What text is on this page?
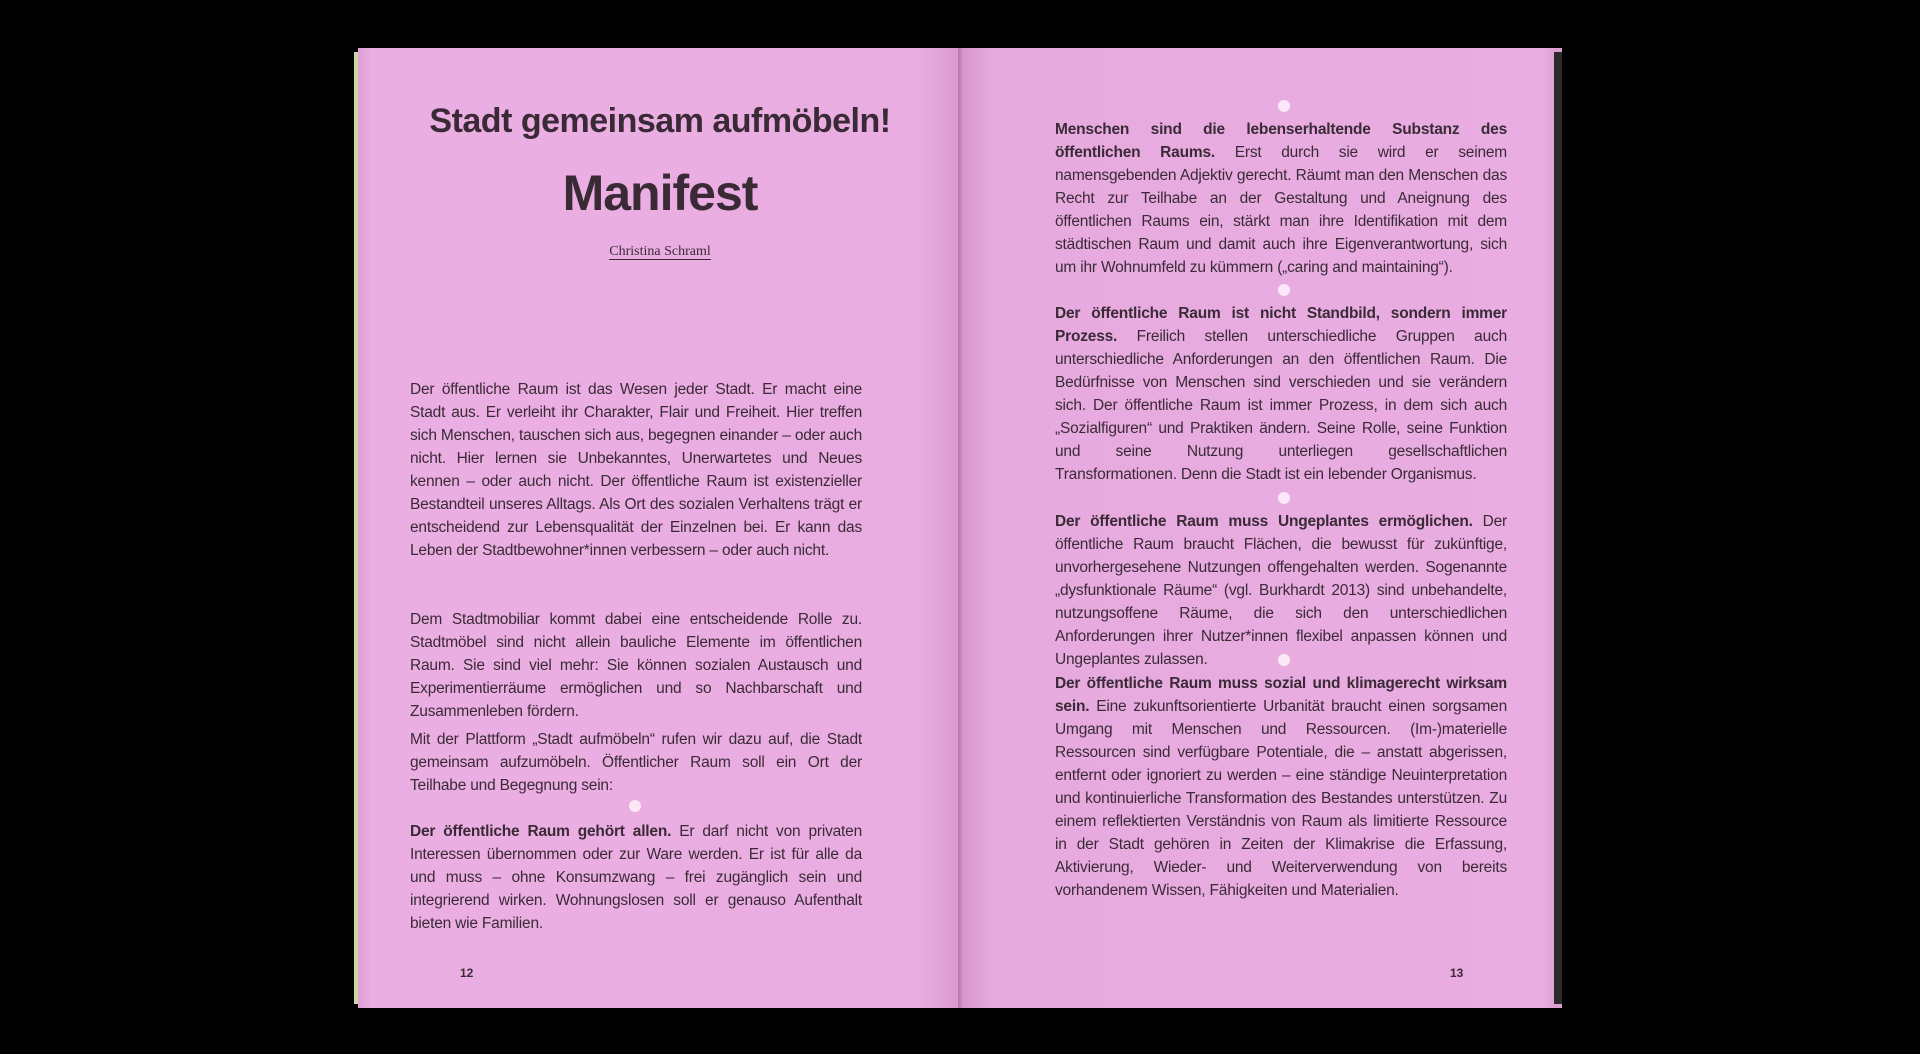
Stadt gemeinsam aufmöbeln!
Manifest
Christina Schraml

Der öffentliche Raum ist das Wesen jeder Stadt. Er macht eine Stadt aus. Er verleiht ihr Charakter, Flair und Freiheit. Hier treffen sich Menschen, tauschen sich aus, begegnen einander – oder auch nicht. Hier lernen sie Unbekanntes, Unerwartetes und Neues kennen – oder auch nicht. Der öffentliche Raum ist existenzieller Bestandteil unseres Alltags. Als Ort des sozialen Verhaltens trägt er entscheidend zur Lebensqualität der Einzelnen bei. Er kann das Leben der Stadtbewohner*innen verbessern – oder auch nicht.

Dem Stadtmobiliar kommt dabei eine entscheidende Rolle zu. Stadtmöbel sind nicht allein bauliche Elemente im öffentlichen Raum. Sie sind viel mehr: Sie können sozialen Austausch und Experimentierräume ermöglichen und so Nachbarschaft und Zusammenleben fördern.

Mit der Plattform „Stadt aufmöbeln“ rufen wir dazu auf, die Stadt gemeinsam aufzumöbeln. Öffentlicher Raum soll ein Ort der Teilhabe und Begegnung sein:

Der öffentliche Raum gehört allen. Er darf nicht von privaten Interessen übernommen oder zur Ware werden. Er ist für alle da und muss – ohne Konsumzwang – frei zugänglich sein und integrierend wirken. Wohnungslosen soll er genauso Aufenthalt bieten wie Familien.

12

Menschen sind die lebenserhaltende Substanz des öffentlichen Raums. Erst durch sie wird er seinem namensgebenden Adjektiv gerecht. Räumt man den Menschen das Recht zur Teilhabe an der Gestaltung und Aneignung des öffentlichen Raums ein, stärkt man ihre Identifikation mit dem städtischen Raum und damit auch ihre Eigenverantwortung, sich um ihr Wohnumfeld zu kümmern („caring and maintaining“).

Der öffentliche Raum ist nicht Standbild, sondern immer Prozess. Freilich stellen unterschiedliche Gruppen auch unterschiedliche Anforderungen an den öffentlichen Raum. Die Bedürfnisse von Menschen sind verschieden und sie verändern sich. Der öffentliche Raum ist immer Prozess, in dem sich auch „Sozialfiguren“ und Praktiken ändern. Seine Rolle, seine Funktion und seine Nutzung unterliegen gesellschaftlichen Transformationen. Denn die Stadt ist ein lebender Organismus.

Der öffentliche Raum muss Ungeplantes ermöglichen. Der öffentliche Raum braucht Flächen, die bewusst für zukünftige, unvorhergesehene Nutzungen offengehalten werden. Sogenannte „dysfunktionale Räume“ (vgl. Burkhardt 2013) sind unbehandelte, nutzungsoffene Räume, die sich den unterschiedlichen Anforderungen ihrer Nutzer*innen flexibel anpassen können und Ungeplantes zulassen.

Der öffentliche Raum muss sozial und klimagerecht wirksam sein. Eine zukunftsorientierte Urbanität braucht einen sorgsamen Umgang mit Menschen und Ressourcen. (Im-)materielle Ressourcen sind verfügbare Potentiale, die – anstatt abgerissen, entfernt oder ignoriert zu werden – eine ständige Neuinterpretation und kontinuierliche Transformation des Bestandes unterstützen. Zu einem reflektierten Verständnis von Raum als limitierte Ressource in der Stadt gehören in Zeiten der Klimakrise die Erfassung, Aktivierung, Wieder- und Weiterverwendung von bereits vorhandenem Wissen, Fähigkeiten und Materialien.

13
